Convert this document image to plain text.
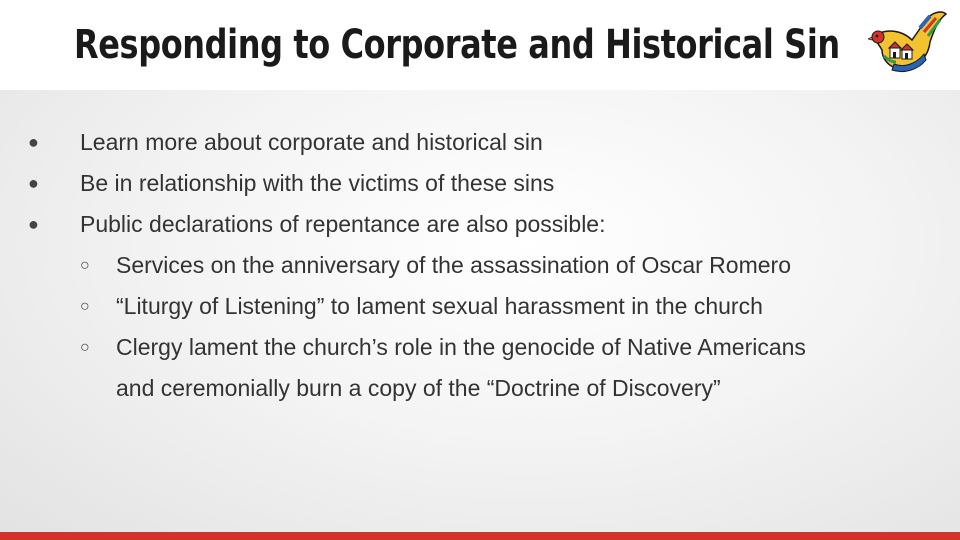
Responding to Corporate and Historical Sin
●	Learn more about corporate and historical sin
●	Be in relationship with the victims of these sins
●	Public declarations of repentance are also possible:
○ Services on the anniversary of the assassination of Oscar Romero
○ “Liturgy of Listening” to lament sexual harassment in the church
○ Clergy lament the church’s role in the genocide of Native Americans
and ceremonially burn a copy of the “Doctrine of Discovery”
